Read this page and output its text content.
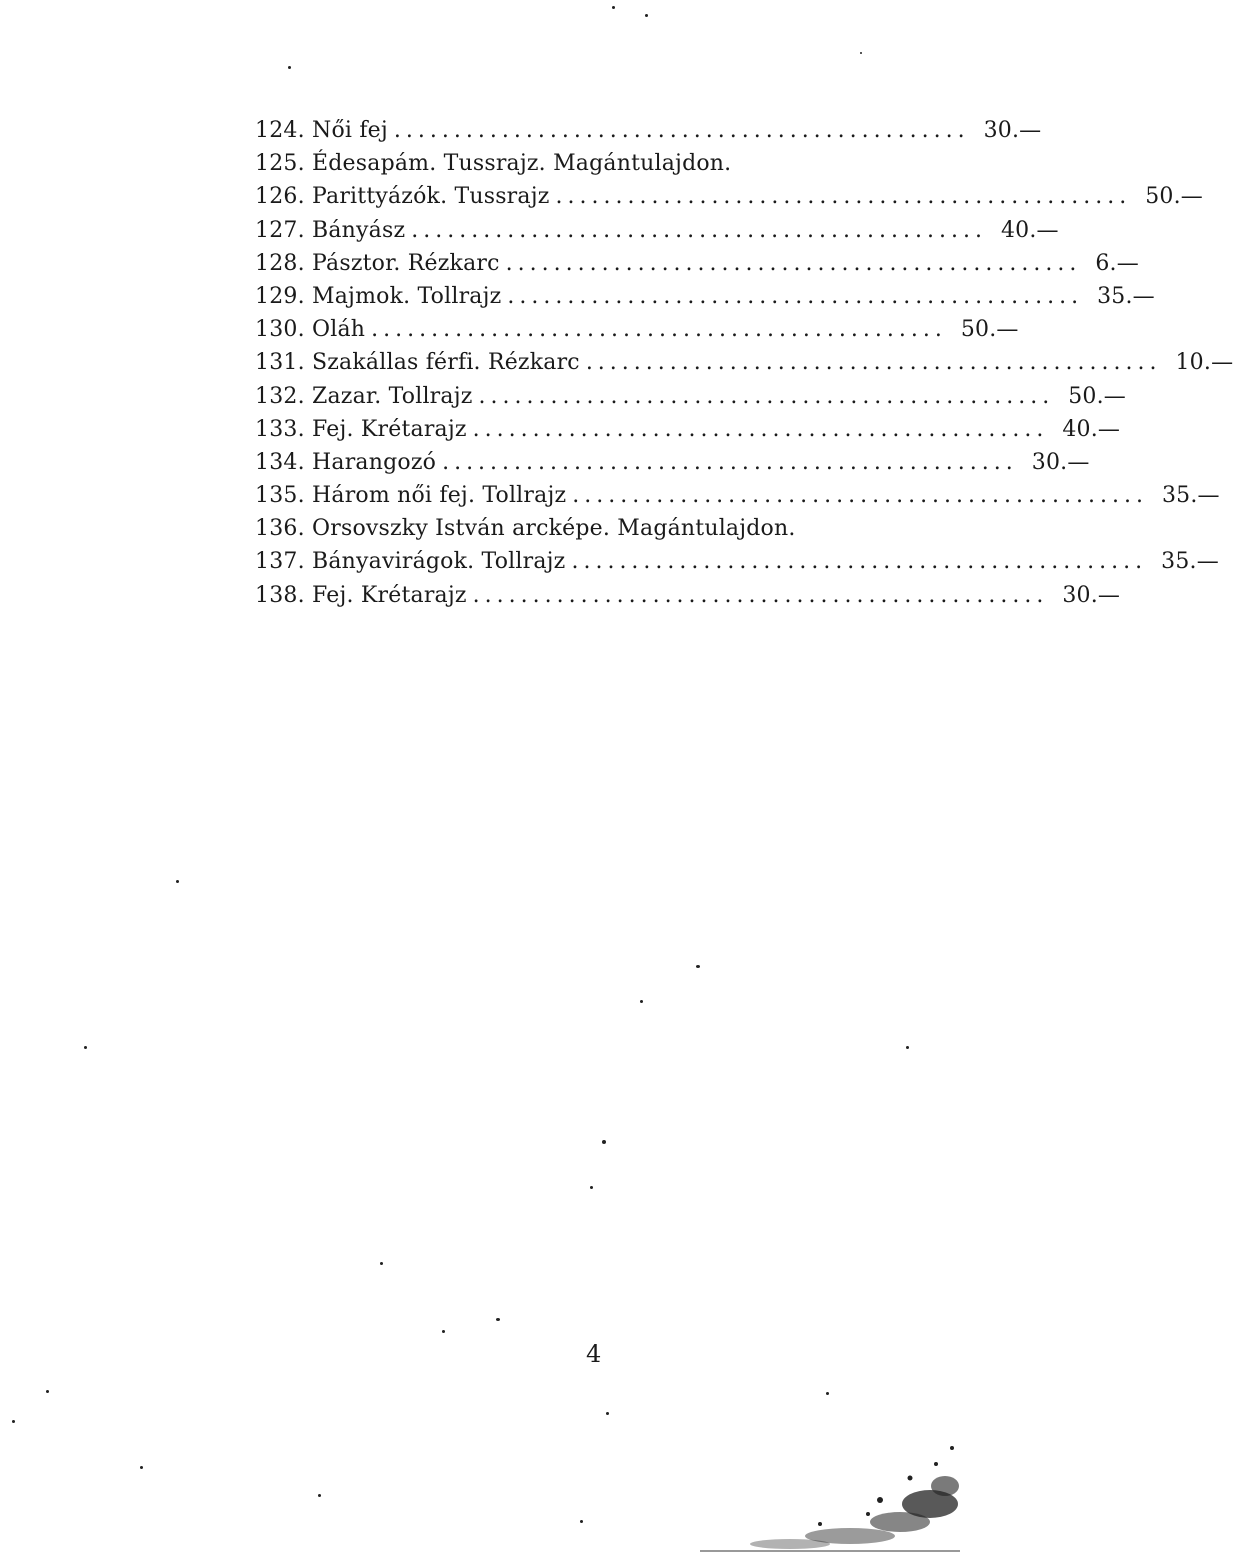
124. Női fej ................................................ 30.—
125. Édesapám. Tussrajz. Magántulajdon.
126. Parittyázók. Tussrajz ................................................ 50.—
127. Bányász ................................................ 40.—
128. Pásztor. Rézkarc ................................................ 6.—
129. Majmok. Tollrajz ................................................ 35.—
130. Oláh ................................................ 50.—
131. Szakállas férfi. Rézkarc ................................................ 10.—
132. Zazar. Tollrajz ................................................ 50.—
133. Fej. Krétarajz ................................................ 40.—
134. Harangozó ................................................ 30.—
135. Három női fej. Tollrajz ................................................ 35.—
136. Orsovszky István arcképe. Magántulajdon.
137. Bányavirágok. Tollrajz ................................................ 35.—
138. Fej. Krétarajz ................................................ 30.—
4
